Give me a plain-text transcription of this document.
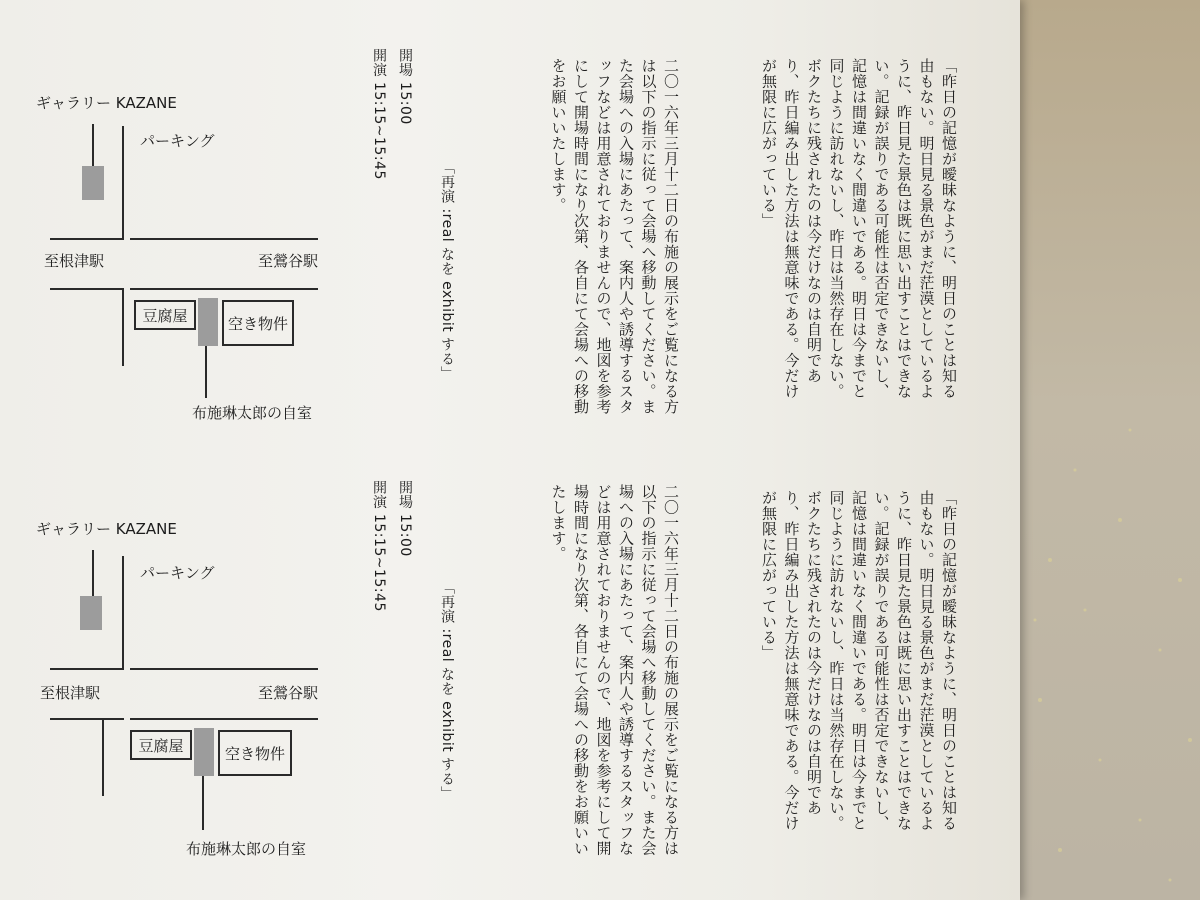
「昨日の記憶が曖昧なように、明日のことは知る由もない。明日見る景色がまだ茫漠としているように、昨日見た景色は既に思い出すことはできない。記録が誤りである可能性は否定できないし、記憶は間違いなく間違いである。明日は今までと同じように訪れないし、昨日は当然存在しない。ボクたちに残されたのは今だけなのは自明であり、昨日編み出した方法は無意味である。今だけが無限に広がっている」
二〇一六年三月十二日の布施の展示をご覧になる方は以下の指示に従って会場へ移動してください。また会場への入場にあたって、案内人や誘導するスタッフなどは用意されておりませんので、地図を参考にして開場時間になり次第、各自にて会場への移動をお願いいたします。
「再演 :real なを exhibit する」
開場 15:00
開演 15:15~15:45
ギャラリー KAZANE
パーキング
至根津駅	至鶯谷駅
豆腐屋	空き物件
布施琳太郎の自室
「昨日の記憶が曖昧なように、明日のことは知る由もない。明日見る景色がまだ茫漠としているように、昨日見た景色は既に思い出すことはできない。記録が誤りである可能性は否定できないし、記憶は間違いなく間違いである。明日は今までと同じように訪れないし、昨日は当然存在しない。ボクたちに残されたのは今だけなのは自明であり、昨日編み出した方法は無意味である。今だけが無限に広がっている」
二〇一六年三月十二日の布施の展示をご覧になる方は以下の指示に従って会場へ移動してください。また会場への入場にあたって、案内人や誘導するスタッフなどは用意されておりませんので、地図を参考にして開場時間になり次第、各自にて会場への移動をお願いいたします。
「再演 :real なを exhibit する」
開場 15:00
開演 15:15~15:45
ギャラリー KAZANE
パーキング
至根津駅	至鶯谷駅
豆腐屋	空き物件
布施琳太郎の自室
